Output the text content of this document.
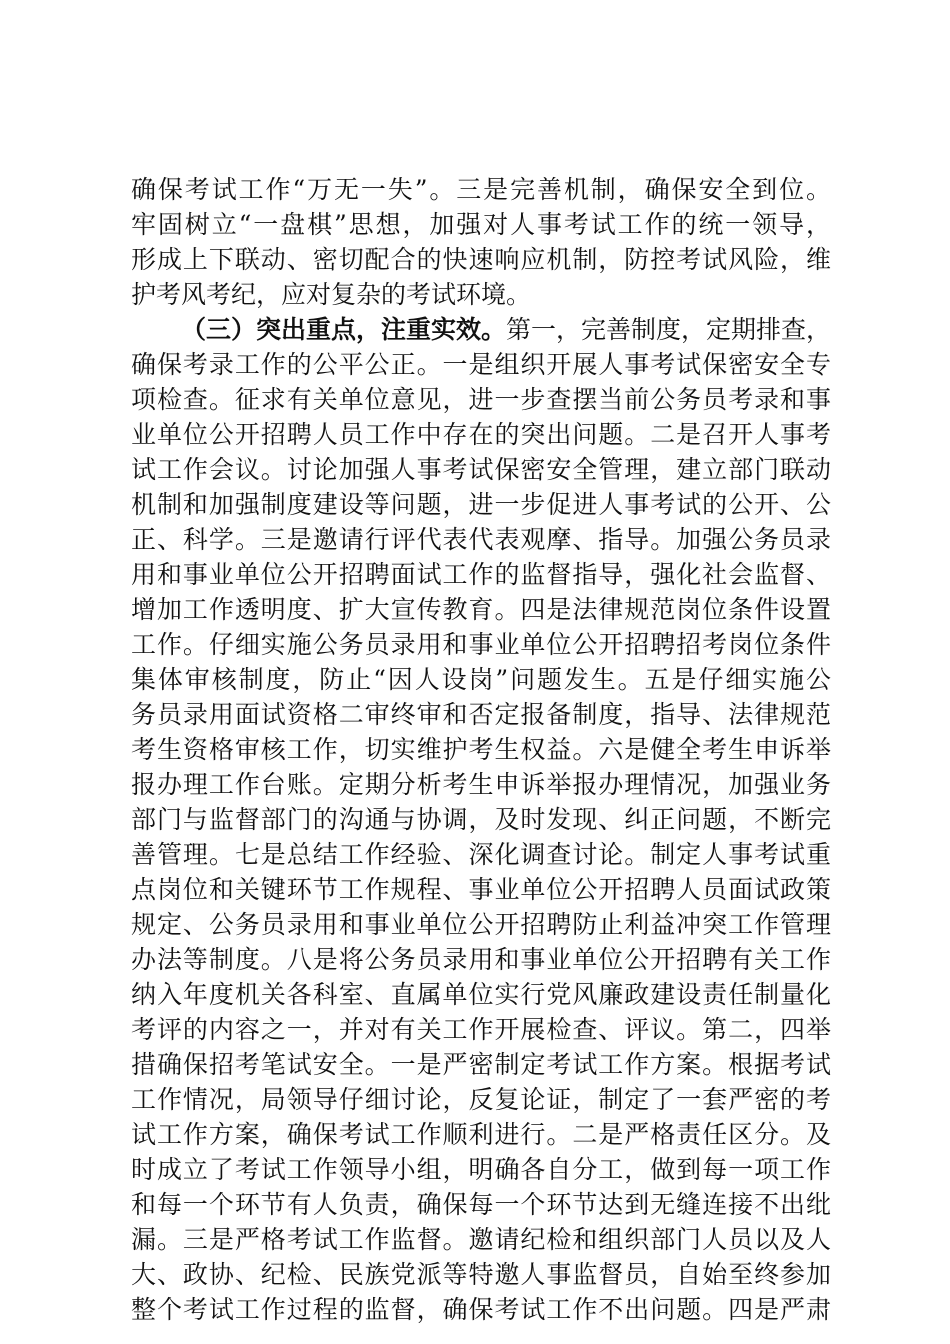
确保考试工作“万无一失”。三是完善机制，确保安全到位。
牢固树立“一盘棋”思想，加强对人事考试工作的统一领导，
形成上下联动、密切配合的快速响应机制，防控考试风险，维
护考风考纪，应对复杂的考试环境。
（三）突出重点，注重实效。第一，完善制度，定期排查，
确保考录工作的公平公正。一是组织开展人事考试保密安全专
项检查。征求有关单位意见，进一步查摆当前公务员考录和事
业单位公开招聘人员工作中存在的突出问题。二是召开人事考
试工作会议。讨论加强人事考试保密安全管理，建立部门联动
机制和加强制度建设等问题，进一步促进人事考试的公开、公
正、科学。三是邀请行评代表代表观摩、指导。加强公务员录
用和事业单位公开招聘面试工作的监督指导，强化社会监督、
增加工作透明度、扩大宣传教育。四是法律规范岗位条件设置
工作。仔细实施公务员录用和事业单位公开招聘招考岗位条件
集体审核制度，防止“因人设岗”问题发生。五是仔细实施公
务员录用面试资格二审终审和否定报备制度，指导、法律规范
考生资格审核工作，切实维护考生权益。六是健全考生申诉举
报办理工作台账。定期分析考生申诉举报办理情况，加强业务
部门与监督部门的沟通与协调，及时发现、纠正问题，不断完
善管理。七是总结工作经验、深化调查讨论。制定人事考试重
点岗位和关键环节工作规程、事业单位公开招聘人员面试政策
规定、公务员录用和事业单位公开招聘防止利益冲突工作管理
办法等制度。八是将公务员录用和事业单位公开招聘有关工作
纳入年度机关各科室、直属单位实行党风廉政建设责任制量化
考评的内容之一，并对有关工作开展检查、评议。第二，四举
措确保招考笔试安全。一是严密制定考试工作方案。根据考试
工作情况，局领导仔细讨论，反复论证，制定了一套严密的考
试工作方案，确保考试工作顺利进行。二是严格责任区分。及
时成立了考试工作领导小组，明确各自分工，做到每一项工作
和每一个环节有人负责，确保每一个环节达到无缝连接不出纰
漏。三是严格考试工作监督。邀请纪检和组织部门人员以及人
大、政协、纪检、民族党派等特邀人事监督员，自始至终参加
整个考试工作过程的监督，确保考试工作不出问题。四是严肃
